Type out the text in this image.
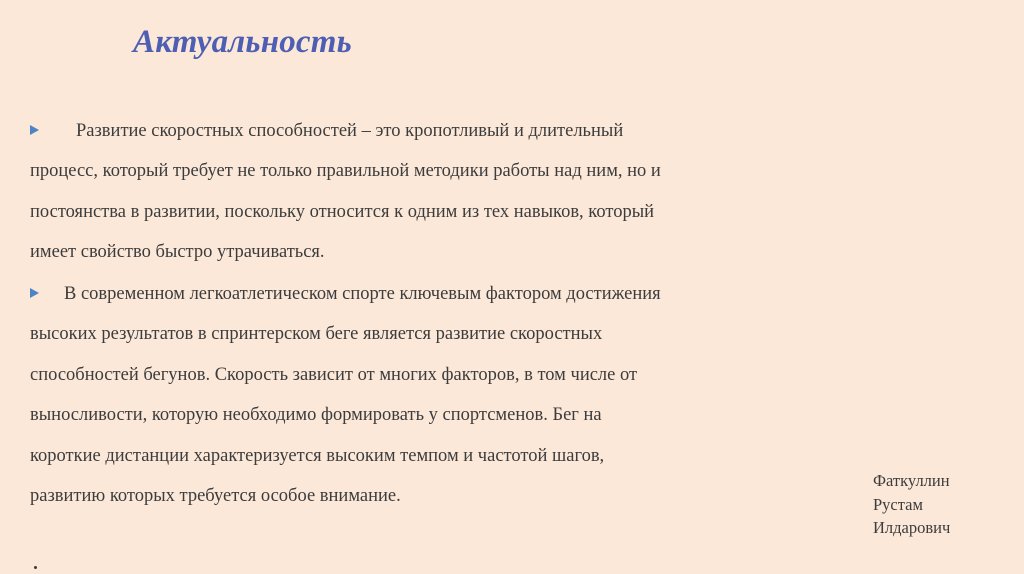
Актуальность
Развитие скоростных способностей – это кропотливый и длительный
процесс, который требует не только правильной методики работы над ним, но и
постоянства в развитии, поскольку относится к одним из тех навыков, который
имеет свойство быстро утрачиваться.
В современном легкоатлетическом спорте ключевым фактором достижения
высоких результатов в спринтерском беге является развитие скоростных
способностей бегунов. Скорость зависит от многих факторов, в том числе от
выносливости, которую необходимо формировать у спортсменов. Бег на
короткие дистанции характеризуется высоким темпом и частотой шагов,
развитию которых требуется особое внимание.
Фаткуллин
Рустам
Илдарович
